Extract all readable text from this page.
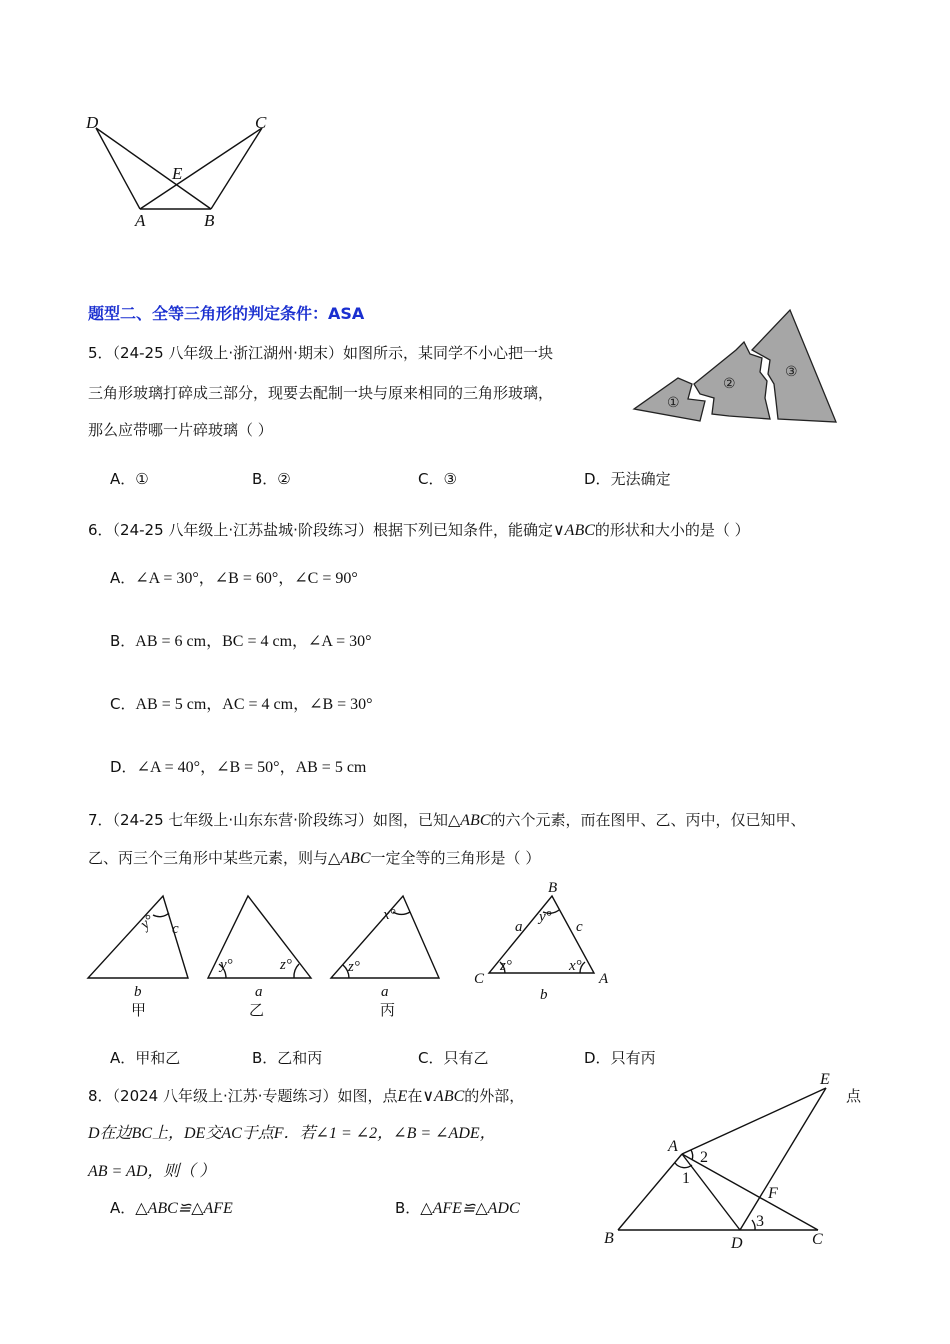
D	C
E
A	B
题型二、全等三角形的判定条件：ASA
5．（24-25 八年级上·浙江湖州·期末）如图所示，某同学不小心把一块
三角形玻璃打碎成三部分，现要去配制一块与原来相同的三角形玻璃，
那么应带哪一片碎玻璃（ ）
①
②
③
A．①	B．②	C．③	D．无法确定
6．（24-25 八年级上·江苏盐城·阶段练习）根据下列已知条件，能确定∨ABC的形状和大小的是（ ）
A．∠A = 30°，∠B = 60°，∠C = 90°
B．AB = 6 cm，BC = 4 cm，∠A = 30°
C．AB = 5 cm，AC = 4 cm，∠B = 30°
D．∠A = 40°，∠B = 50°，AB = 5 cm
7．（24-25 七年级上·山东东营·阶段练习）如图，已知△ABC的六个元素，而在图甲、乙、丙中，仅已知甲、
乙、丙三个三角形中某些元素，则与△ABC一定全等的三角形是（ ）
y° c
b
y°	z°
a
x°
z°
a
B
y°
a	c
C
z°	x°
A
b
甲	乙	丙
A．甲和乙	B．乙和丙	C．只有乙	D．只有丙
8．（2024 八年级上·江苏·专题练习）如图，点E在∨ABC的外部，	点
D在边BC上，DE交AC于点F．若∠1 = ∠2，∠B = ∠ADE，
AB = AD，则（ ）
A．△ABC≌△AFE	B．△AFE≌△ADC
E
A
2
1
F
3
B	D	C
